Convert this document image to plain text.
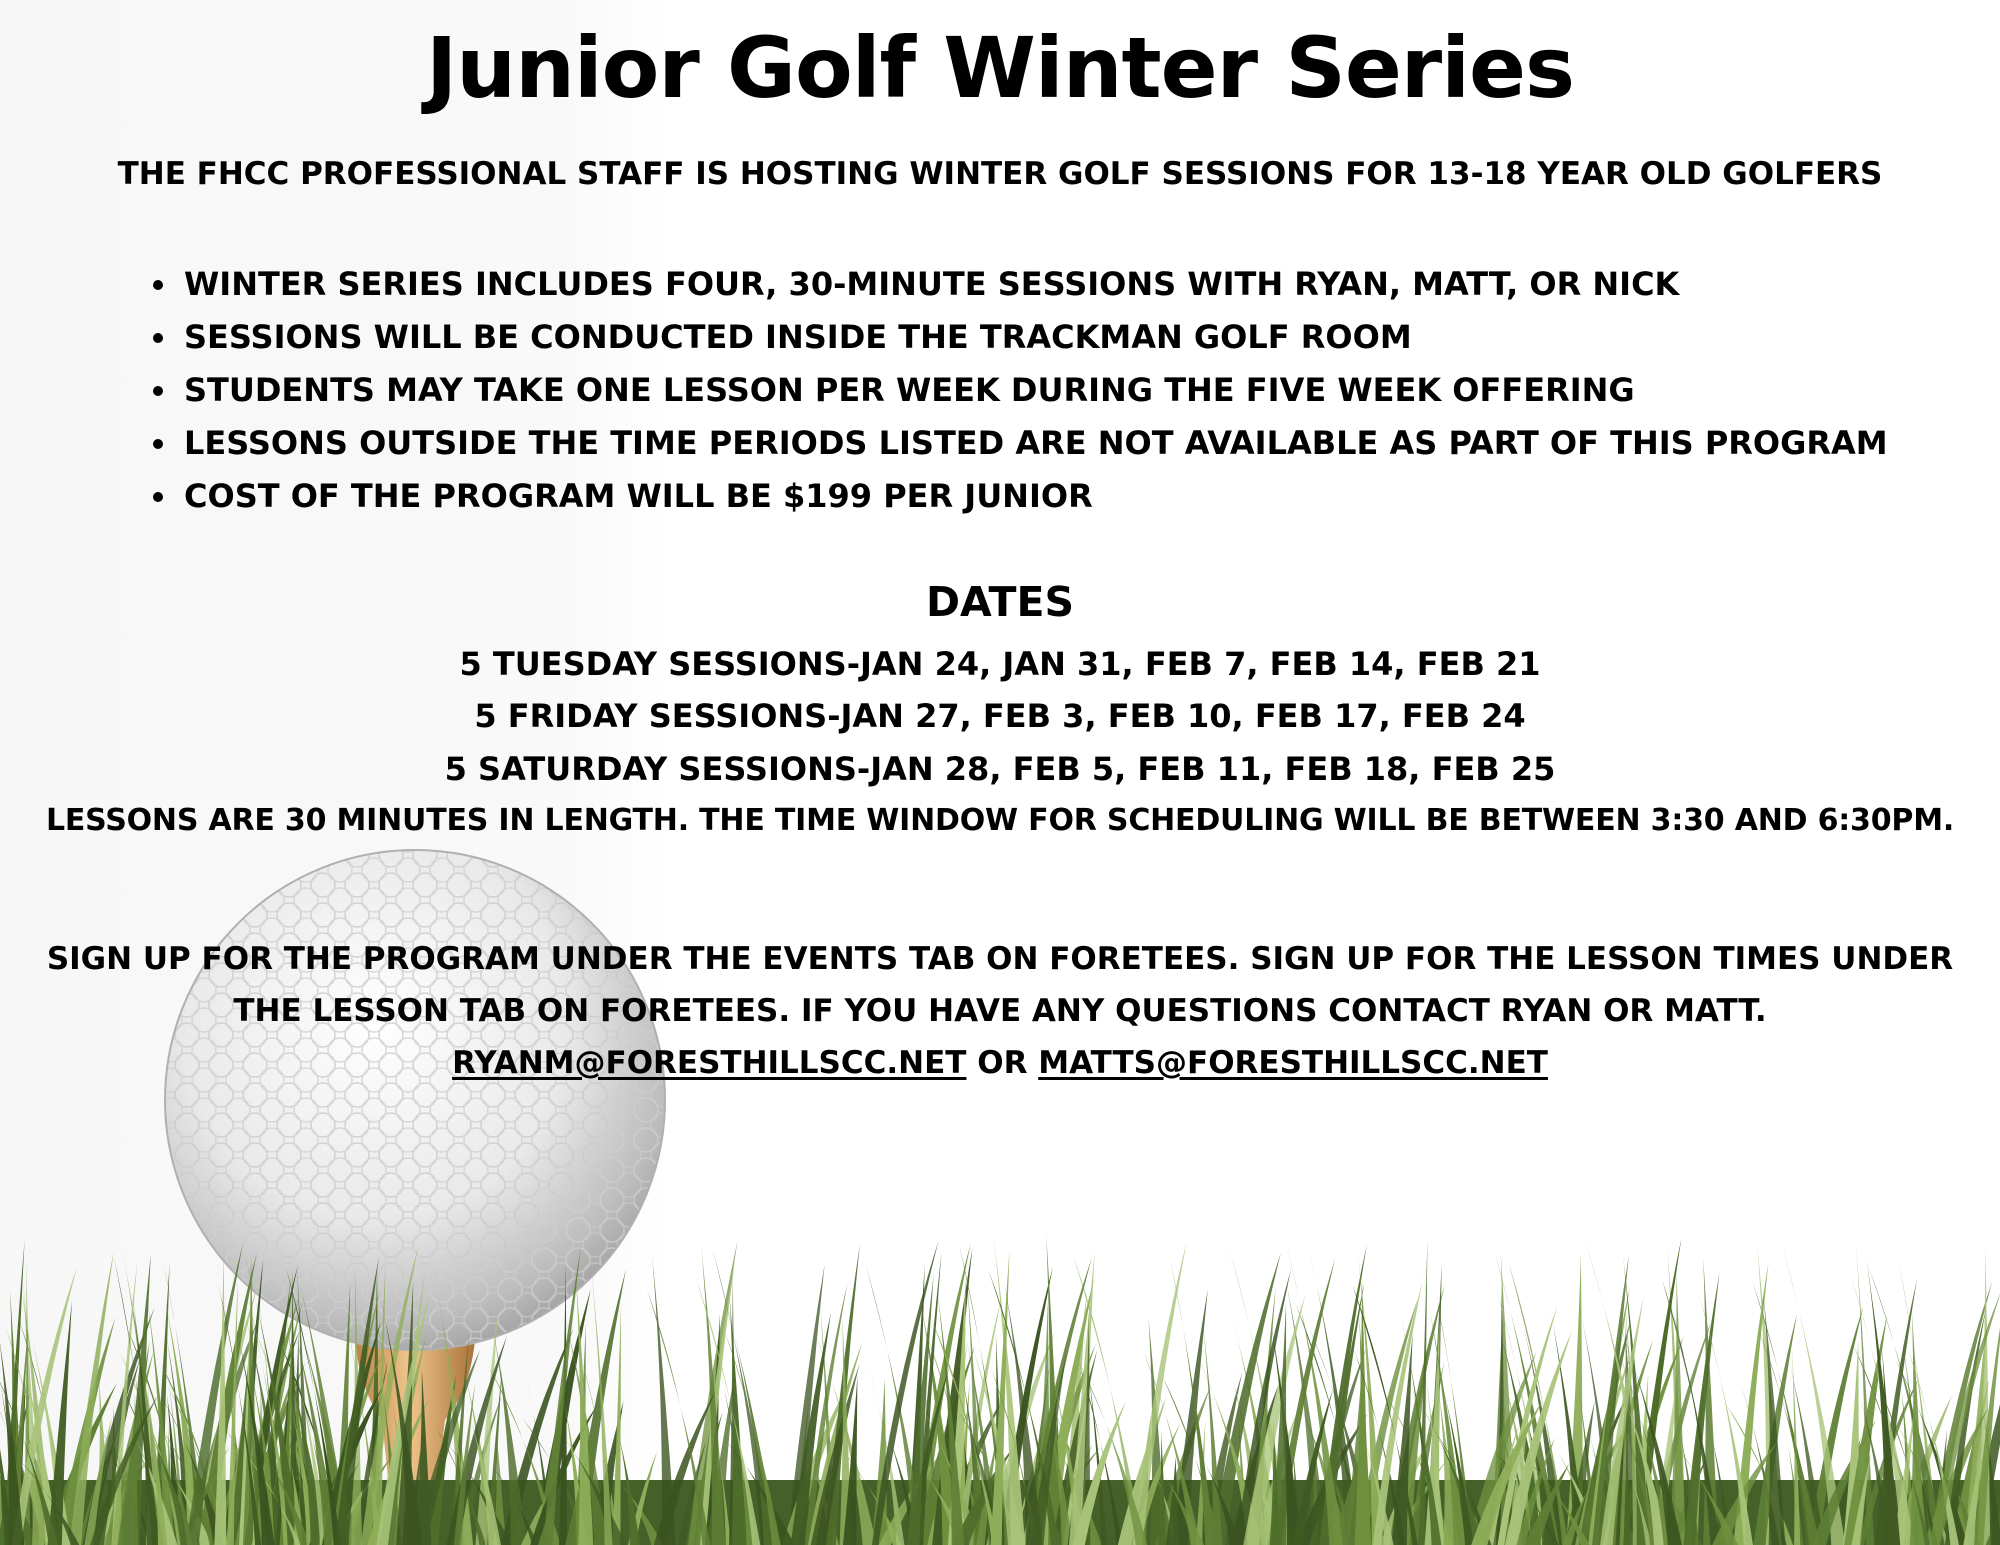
Junior Golf Winter Series
THE FHCC PROFESSIONAL STAFF IS HOSTING WINTER GOLF SESSIONS FOR 13-18 YEAR OLD GOLFERS
• WINTER SERIES INCLUDES FOUR, 30-MINUTE SESSIONS WITH RYAN, MATT, OR NICK
• SESSIONS WILL BE CONDUCTED INSIDE THE TRACKMAN GOLF ROOM
• STUDENTS MAY TAKE ONE LESSON PER WEEK DURING THE FIVE WEEK OFFERING
• LESSONS OUTSIDE THE TIME PERIODS LISTED ARE NOT AVAILABLE AS PART OF THIS PROGRAM
• COST OF THE PROGRAM WILL BE $199 PER JUNIOR
DATES
5 TUESDAY SESSIONS-JAN 24, JAN 31, FEB 7, FEB 14, FEB 21
5 FRIDAY SESSIONS-JAN 27, FEB 3, FEB 10, FEB 17, FEB 24
5 SATURDAY SESSIONS-JAN 28, FEB 5, FEB 11, FEB 18, FEB 25
LESSONS ARE 30 MINUTES IN LENGTH. THE TIME WINDOW FOR SCHEDULING WILL BE BETWEEN 3:30 AND 6:30PM.
SIGN UP FOR THE PROGRAM UNDER THE EVENTS TAB ON FORETEES. SIGN UP FOR THE LESSON TIMES UNDER
THE LESSON TAB ON FORETEES. IF YOU HAVE ANY QUESTIONS CONTACT RYAN OR MATT.
RYANM@FORESTHILLSCC.NET OR MATTS@FORESTHILLSCC.NET
